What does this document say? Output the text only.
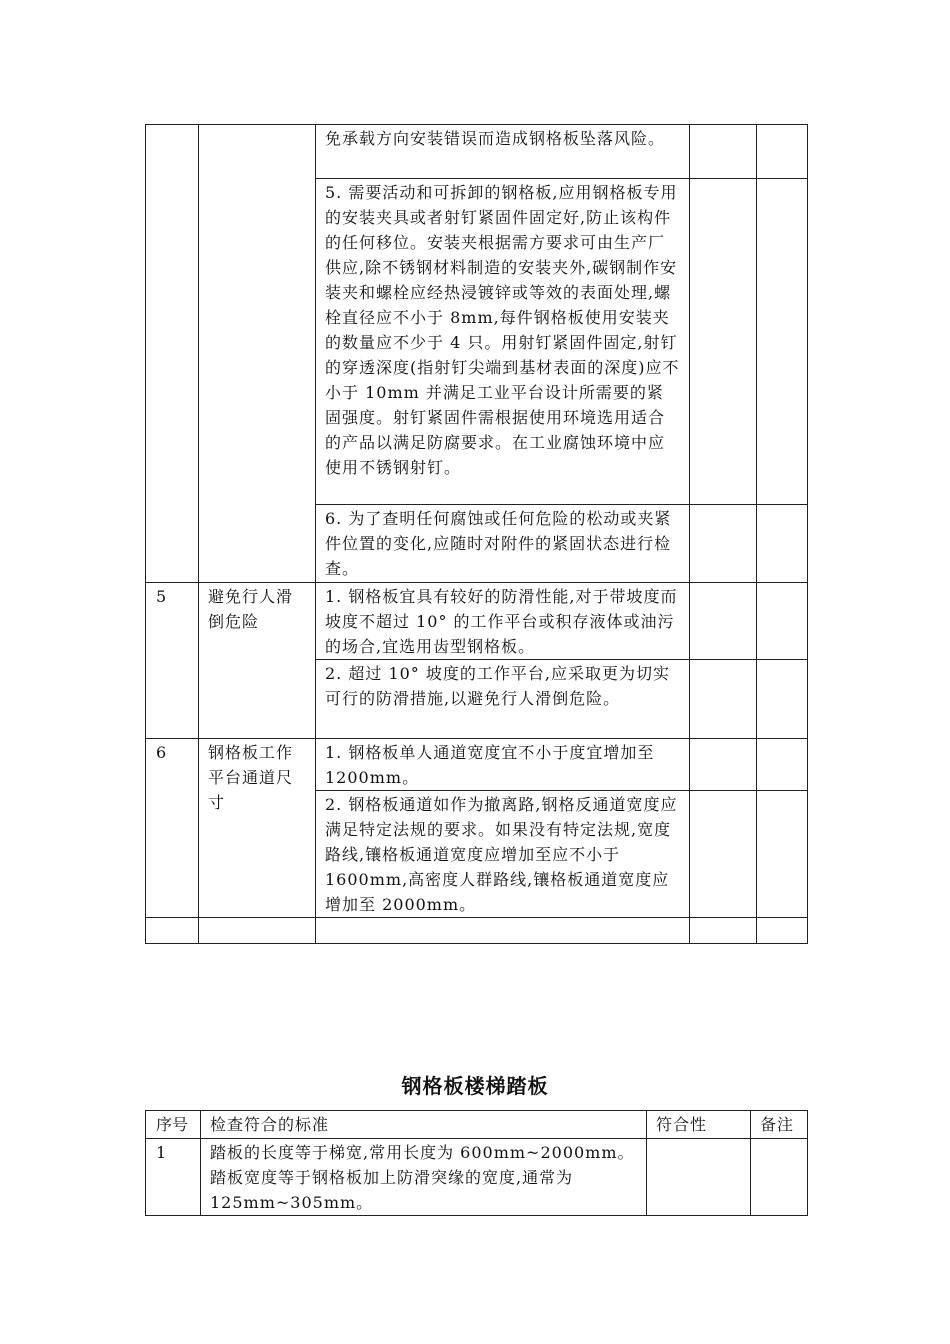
		免承载方向安装错误而造成钢格板坠落风险。		

		5. 需要活动和可拆卸的钢格板,应用钢格板专用的安装夹具或者射钉紧固件固定好,防止该构件的任何移位。安装夹根据需方要求可由生产厂供应,除不锈钢材料制造的安装夹外,碳钢制作安装夹和螺栓应经热浸镀锌或等效的表面处理,螺栓直径应不小于 8mm,每件钢格板使用安装夹的数量应不少于 4 只。用射钉紧固件固定,射钉的穿透深度(指射钉尖端到基材表面的深度)应不小于 10mm 并满足工业平台设计所需要的紧固强度。射钉紧固件需根据使用环境选用适合的产品以满足防腐要求。在工业腐蚀环境中应使用不锈钢射钉。		

		6. 为了查明任何腐蚀或任何危险的松动或夹紧件位置的变化,应随时对附件的紧固状态进行检查。		

5	避免行人滑倒危险	1. 钢格板宜具有较好的防滑性能,对于带坡度而坡度不超过 10° 的工作平台或积存液体或油污的场合,宜选用齿型钢格板。		

		2. 超过 10° 坡度的工作平台,应采取更为切实可行的防滑措施,以避免行人滑倒危险。		

6	钢格板工作平台通道尺寸	1. 钢格板单人通道宽度宜不小于度宜增加至 1200mm。		

		2. 钢格板通道如作为撤离路,钢格反通道宽度应满足特定法规的要求。如果没有特定法规,宽度路线,镶格板通道宽度应增加至应不小于 1600mm,高密度人群路线,镶格板通道宽度应增加至 2000mm。		

钢格板楼梯踏板
序号	检查符合的标准	符合性	备注

1	踏板的长度等于梯宽,常用长度为 600mm~2000mm。踏板宽度等于钢格板加上防滑突缘的宽度,通常为 125mm~305mm。		
